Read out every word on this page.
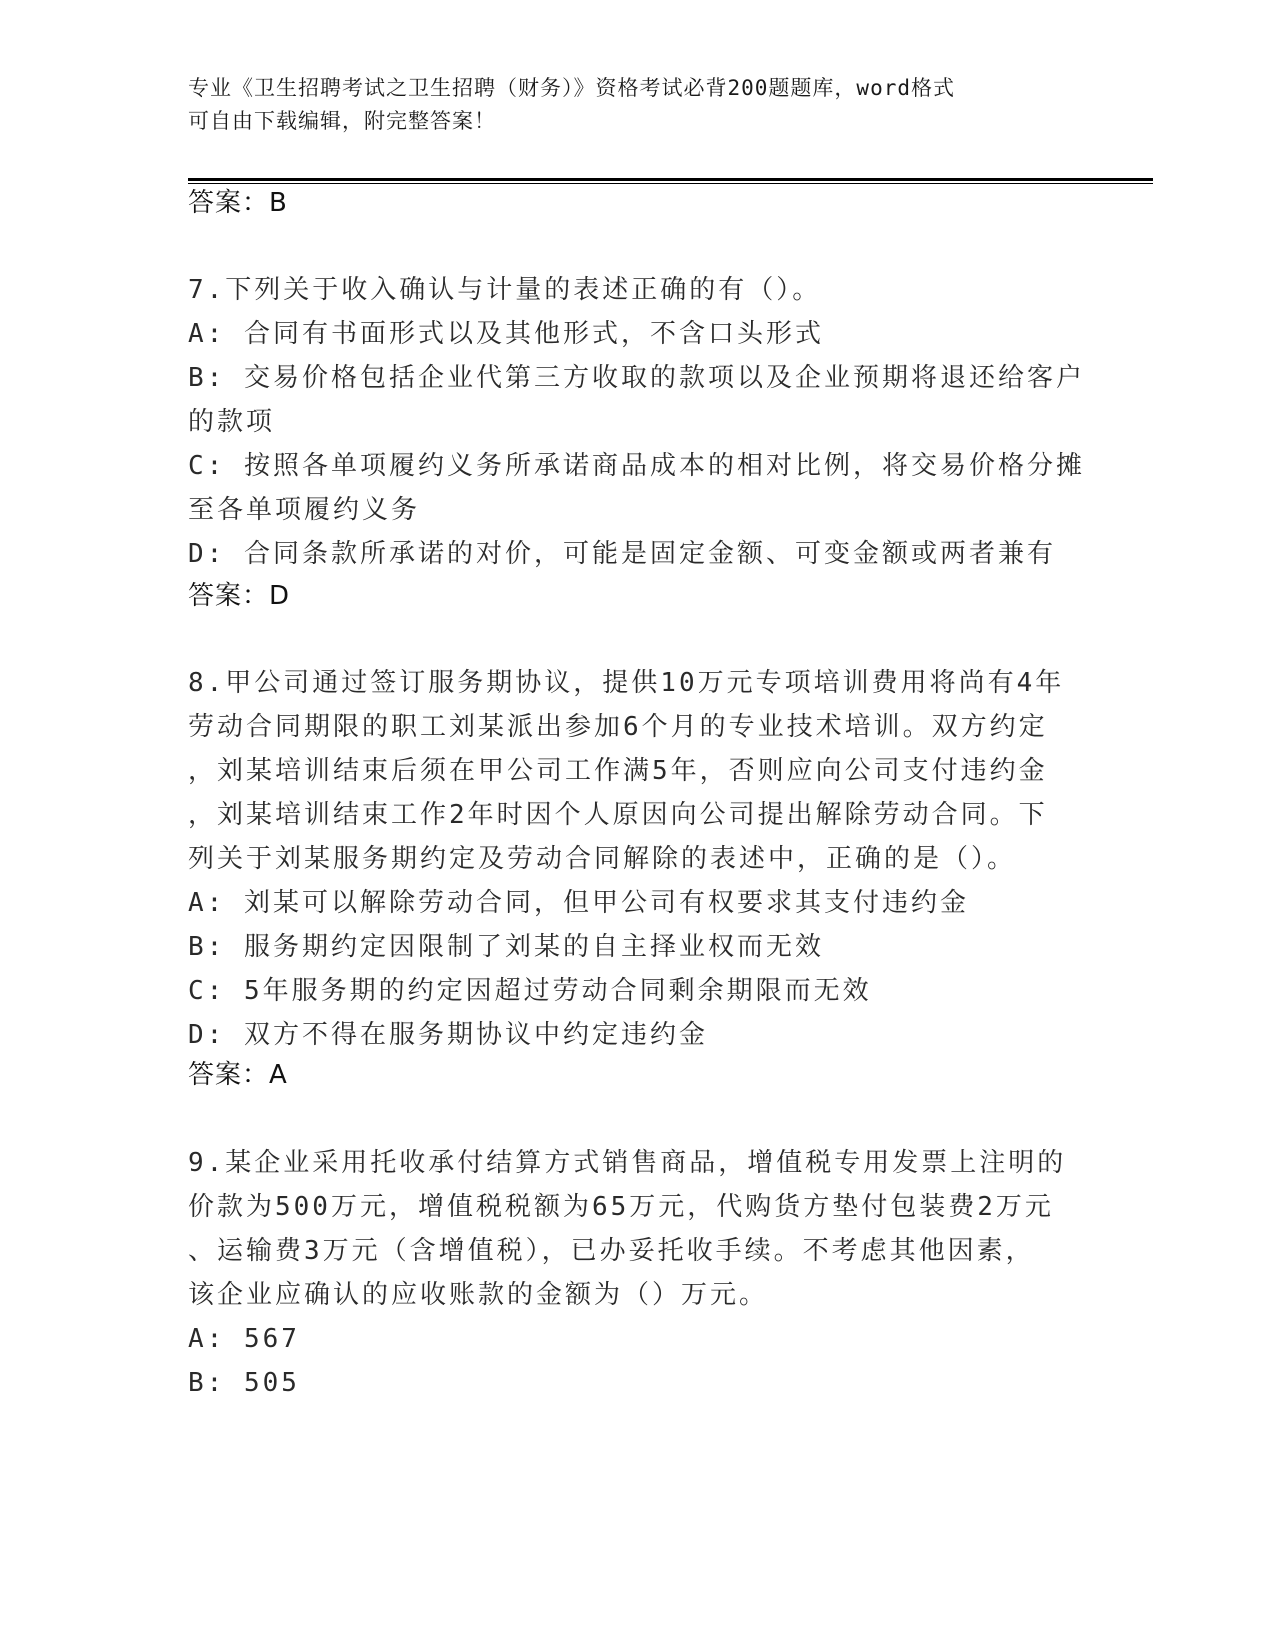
专业《卫生招聘考试之卫生招聘（财务）》资格考试必背200题题库，word格式
可自由下载编辑，附完整答案！
答案：B
7.下列关于收入确认与计量的表述正确的有（）。
A: 合同有书面形式以及其他形式，不含口头形式
B: 交易价格包括企业代第三方收取的款项以及企业预期将退还给客户
的款项
C: 按照各单项履约义务所承诺商品成本的相对比例，将交易价格分摊
至各单项履约义务
D: 合同条款所承诺的对价，可能是固定金额、可变金额或两者兼有
答案：D
8.甲公司通过签订服务期协议，提供10万元专项培训费用将尚有4年
劳动合同期限的职工刘某派出参加6个月的专业技术培训。双方约定
，刘某培训结束后须在甲公司工作满5年，否则应向公司支付违约金
，刘某培训结束工作2年时因个人原因向公司提出解除劳动合同。下
列关于刘某服务期约定及劳动合同解除的表述中，正确的是（）。
A: 刘某可以解除劳动合同，但甲公司有权要求其支付违约金
B: 服务期约定因限制了刘某的自主择业权而无效
C: 5年服务期的约定因超过劳动合同剩余期限而无效
D: 双方不得在服务期协议中约定违约金
答案：A
9.某企业采用托收承付结算方式销售商品，增值税专用发票上注明的
价款为500万元，增值税税额为65万元，代购货方垫付包装费2万元
、运输费3万元（含增值税），已办妥托收手续。不考虑其他因素，
该企业应确认的应收账款的金额为（）万元。
A: 567
B: 505
